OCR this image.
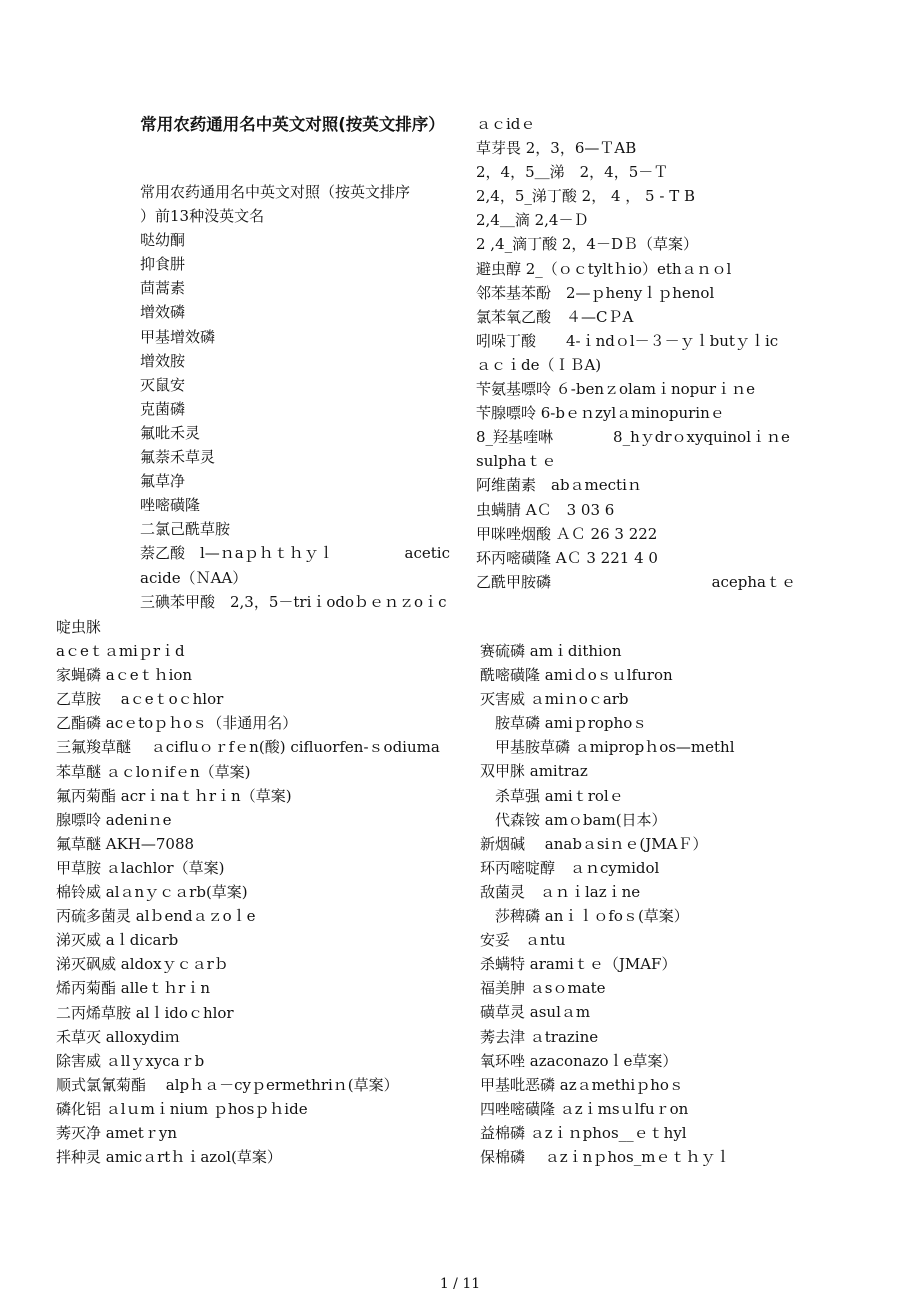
常用农药通用名中英文对照(按英文排序）
常用农药通用名中英文对照（按英文排序
）前13种没英文名
哒幼酮
抑食肼
茴蒿素
增效磷
甲基增效磷
增效胺
灭鼠安
克菌磷
氟吡禾灵
氟萘禾草灵
氟草净
唑嘧磺隆
二氯己酰草胺
萘乙酸　l—ｎaｐｈｔｈｙｌ	acetic
acide（ＮAA）
三碘苯甲酸　2,3，5－triｉodoｂｅｎｚoｉc
ａｃidｅ
草芽畏 2，3，6—ＴAB
2，4，5＿涕　2，4，5－Ｔ
2,4，5_涕丁酸 2， 4 ， 5 - T B
2,4＿滴 2,4－Ｄ
2 ,4_滴丁酸 2，4－DＢ（草案）
避虫醇 2_（ｏｃtyltｈio）ethａｎｏl
邻苯基苯酚　2—ｐhenyｌｐhenol
氯苯氧乙酸　４—CＰA
吲哚丁酸　　4-ｉndｏl－３－ｙｌbutｙｌic
ａｃｉde（ＩＢA)
苄氨基嘌呤 ６-benｚolamｉnopurｉｎe
苄腺嘌呤 6-bｅｎzylａminopurinｅ
8_羟基喹啉　　　　8_hｙdrｏxyquinolｉｎe
sulphaｔｅ
阿维菌素　abａmectiｎ
虫螨腈 AＣ　3 03 6
甲咪唑烟酸 ＡＣ 26 3 222
环丙嘧磺隆 AＣ 3 221 4 0
乙酰甲胺磷	acephaｔｅ
啶虫脒
aｃeｔａmiｐrｉd
家蝇磷 aｃeｔｈion
乙草胺　 aｃeｔoｃhlor
乙酯磷 acｅtoｐｈoｓ（非通用名）
三氟羧草醚　 ａcifluｏｒfｅn(酸) cifluorfen-ｓodiuma
苯草醚 ａｃloｎifｅn（草案)
氟丙菊酯 acrｉnaｔｈrｉn（草案)
腺嘌呤 adeniｎe
氟草醚 AKH—7088
甲草胺 ａlachlor（草案)
棉铃威 alａnｙｃａrb(草案)
丙硫多菌灵 alｂendａｚoｌe
涕灭威 aｌdicarb
涕灭砜威 aldoxｙｃａrｂ
烯丙菊酯 alleｔｈrｉn
二丙烯草胺 alｌidoｃhlor
禾草灭 alloxydiｍ
除害威 ａllｙxycaｒb
顺式氯氰菊酯　 alpｈａ－cyｐermethriｎ(草案）
磷化铝 ａlｕmｉnium ｐhosｐｈide
莠灭净 ametｒyn
拌种灵 amicａrtｈｉazol(草案）
赛硫磷 amｉdithion
酰嘧磺隆 amiｄoｓｕlfuron
灭害威 ａmiｎoｃarb
　胺草磷 amiｐrophoｓ
　甲基胺草磷 ａmipropｈos—methl
双甲脒 amitraz
　杀草强 amiｔrolｅ
　代森铵 amｏbam(日本）
新烟碱　 anabａsiｎｅ(JMAＦ）
环丙嘧啶醇　ａｎcymidol
敌菌灵　ａｎｉlazｉne
　莎稗磷 anｉｌｏfoｓ(草案）
安妥　ａntu
杀螨特 aramiｔｅ（JMAF）
福美胂 ａsｏmate
磺草灵 asulａm
莠去津 ａtrazine
氧环唑 azaconazoｌe草案）
甲基吡恶磷 azａmethiｐhoｓ
四唑嘧磺隆 ａzｉmsｕlfuｒon
益棉磷 ａzｉｎphos__ｅｔhyl
保棉磷　 ａzｉnｐhos_mｅｔｈｙｌ
1 / 11
